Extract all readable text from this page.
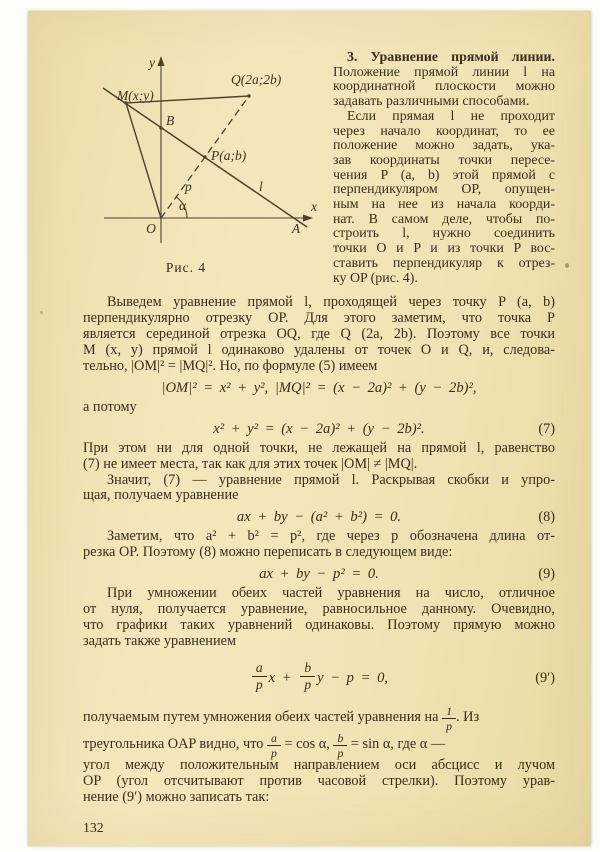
y
x
O	A
B
M(x;y)
Q(2a;2b)
P(a;b)
p	l
α
Рис. 4
3. Уравнение прямой линии.
Положение прямой линии l на
координатной плоскости можно
задавать различными способами.
Если прямая l не проходит
через начало координат, то ее
положение можно задать, ука-
зав координаты точки пересе-
чения P (a, b) этой прямой с
перпендикуляром OP, опущен-
ным на нее из начала коорди-
нат. В самом деле, чтобы по-
строить l, нужно соединить
точки O и P и из точки P вос-
ставить перпендикуляр к отрез-
ку OP (рис. 4).
Выведем уравнение прямой l, проходящей через точку P (a, b)
перпендикулярно отрезку OP. Для этого заметим, что точка P
является серединой отрезка OQ, где Q (2a, 2b). Поэтому все точки
M (x, y) прямой l одинаково удалены от точек O и Q, и, следова-
тельно, |OM|² = |MQ|². Но, по формуле (5) имеем
|OM|² = x² + y², |MQ|² = (x − 2a)² + (y − 2b)²,
а потому
x² + y² = (x − 2a)² + (y − 2b)².	(7)
При этом ни для одной точки, не лежащей на прямой l, равенство
(7) не имеет места, так как для этих точек |OM| ≠ |MQ|.
Значит, (7) — уравнение прямой l. Раскрывая скобки и упро-
щая, получаем уравнение
ax + by − (a² + b²) = 0.	(8)
Заметим, что a² + b² = p², где через p обозначена длина от-
резка OP. Поэтому (8) можно переписать в следующем виде:
ax + by − p² = 0.	(9)
При умножении обеих частей уравнения на число, отличное
от нуля, получается уравнение, равносильное данному. Очевидно,
что графики таких уравнений одинаковы. Поэтому прямую можно
задать также уравнением
$\frac{a}{p}$ $x + \frac{b}{p}$ y − p = 0,	(9′)
получаемым путем умножения обеих частей уравнения на $\frac{1}{p}$ . Из
треугольника OAP видно, что $\frac{a}{p} = \cos \alpha$, $\frac{b}{p} = \sin \alpha$, где α —
угол между положительным направлением оси абсцисс и лучом
OP (угол отсчитывают против часовой стрелки). Поэтому урав-
нение (9′) можно записать так:
132
